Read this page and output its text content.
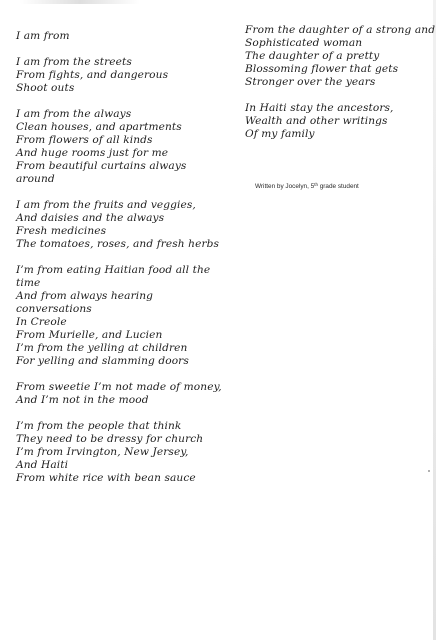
I am from
I am from the streets
From fights, and dangerous
Shoot outs
I am from the always
Clean houses, and apartments
From flowers of all kinds
And huge rooms just for me
From beautiful curtains always
around
I am from the fruits and veggies,
And daisies and the always
Fresh medicines
The tomatoes, roses, and fresh herbs
I’m from eating Haitian food all the
time
And from always hearing
conversations
In Creole
From Murielle, and Lucien
I’m from the yelling at children
For yelling and slamming doors
From sweetie I’m not made of money,
And I’m not in the mood
I’m from the people that think
They need to be dressy for church
I’m from Irvington, New Jersey,
And Haiti
From white rice with bean sauce
From the daughter of a strong and
Sophisticated woman
The daughter of a pretty
Blossoming flower that gets
Stronger over the years
In Haiti stay the ancestors,
Wealth and other writings
Of my family
Written by Jocelyn, 5th grade student
